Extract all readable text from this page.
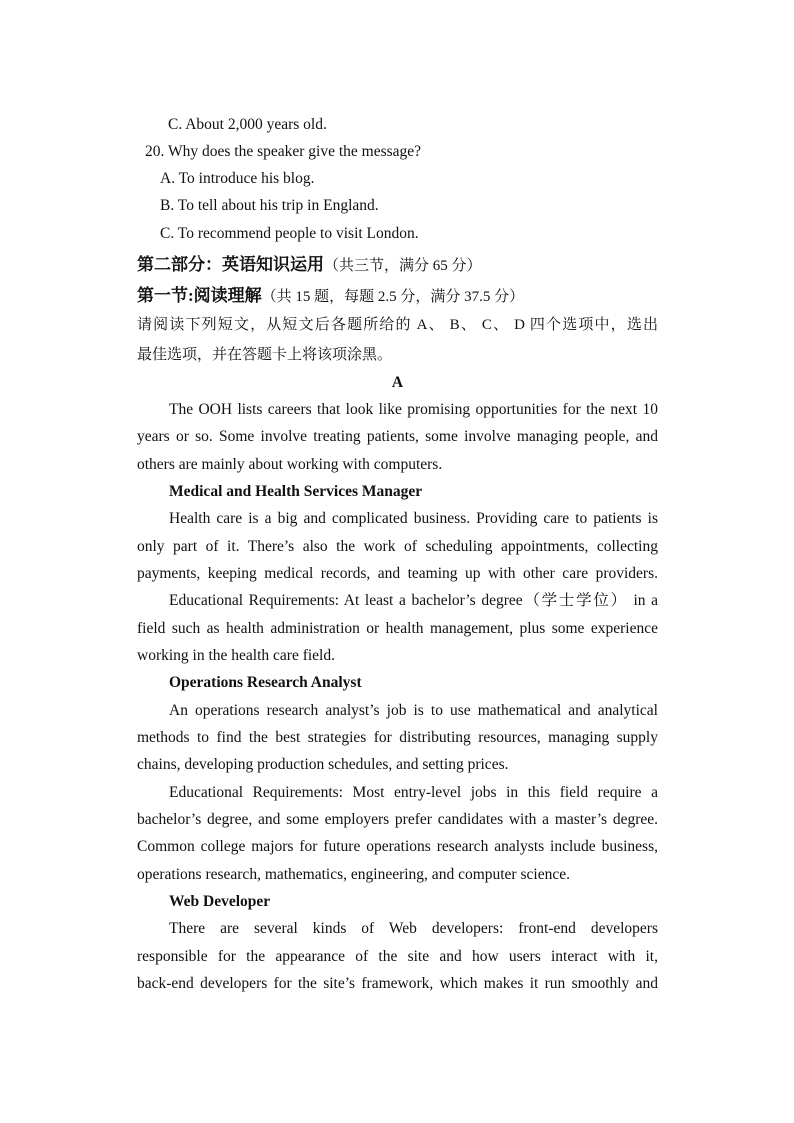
C. About 2,000 years old.
20. Why does the speaker give the message?
A. To introduce his blog.
B. To tell about his trip in England.
C. To recommend people to visit London.
第二部分：英语知识运用（共三节，满分 65 分）
第一节:阅读理解（共 15 题，每题 2.5 分，满分 37.5 分）
请阅读下列短文，从短文后各题所给的 A、 B、 C、 D 四个选项中，选出
最佳选项，并在答题卡上将该项涂黑。
A
The OOH lists careers that look like promising opportunities for the next 10
years or so. Some involve treating patients, some involve managing people, and
others are mainly about working with computers.
Medical and Health Services Manager
Health care is a big and complicated business. Providing care to patients is
only part of it. There’s also the work of scheduling appointments, collecting
payments, keeping medical records, and teaming up with other care providers.
Educational Requirements: At least a bachelor’s degree（学士学位） in a
field such as health administration or health management, plus some experience
working in the health care field.
Operations Research Analyst
An operations research analyst’s job is to use mathematical and analytical
methods to find the best strategies for distributing resources, managing supply
chains, developing production schedules, and setting prices.
Educational Requirements: Most entry-level jobs in this field require a
bachelor’s degree, and some employers prefer candidates with a master’s degree.
Common college majors for future operations research analysts include business,
operations research, mathematics, engineering, and computer science.
Web Developer
There are several kinds of Web developers: front-end developers
responsible for the appearance of the site and how users interact with it,
back-end developers for the site’s framework, which makes it run smoothly and
